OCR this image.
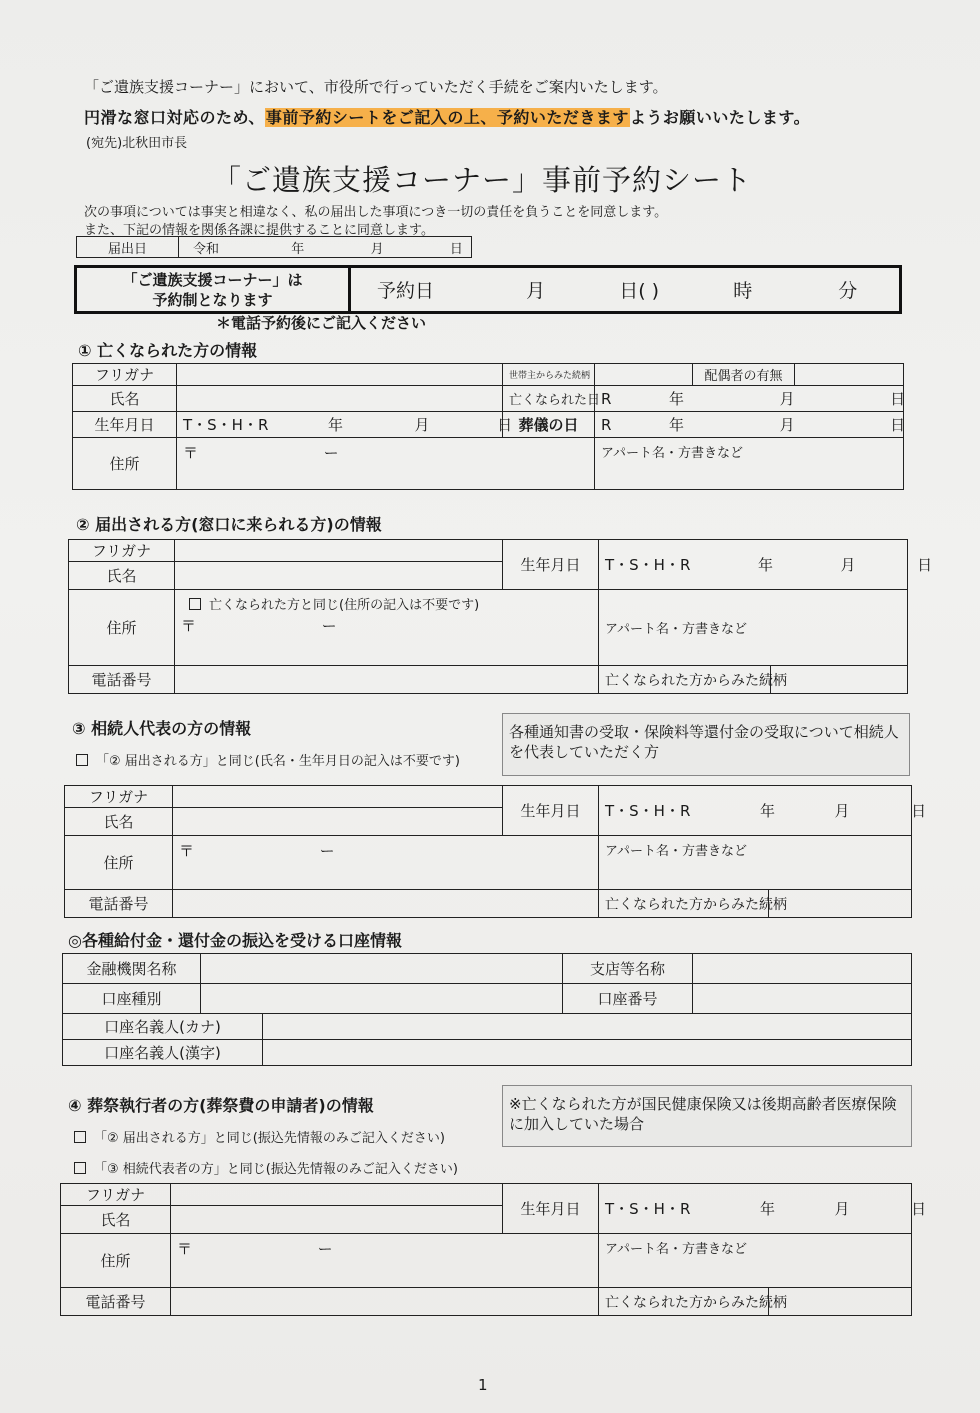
「ご遺族支援コーナー」において、市役所で行っていただく手続をご案内いたします。
円滑な窓口対応のため、事前予約シートをご記入の上、予約いただきますようお願いいたします。
(宛先)北秋田市長
「ご遺族支援コーナー」事前予約シート
次の事項については事実と相違なく、私の届出した事項につき一切の責任を負うことを同意します。
また、下記の情報を関係各課に提供することに同意します。
届出日	令和	年	月	日
「ご遺族支援コーナー」は
予約制となります	予約日	月	日( )	時	分
＊電話予約後にご記入ください
① 亡くなられた方の情報
フリガナ		世帯主からみた続柄		配偶者の有無	
氏名		亡くなられた日	R 年 月 日		
生年月日	T・S・H・R 年 月 日	葬儀の日	R 年 月 日		
住所	〒 ー		アパート名・方書きなど		
② 届出される方(窓口に来られる方)の情報
フリガナ		生年月日	T・S・H・R 年 月 日	
氏名				
住所	亡くなられた方と同じ(住所の記入は不要です)
〒 ー		アパート名・方書きなど	
電話番号			亡くなられた方からみた続柄	
③ 相続人代表の方の情報
「② 届出される方」と同じ(氏名・生年月日の記入は不要です)
各種通知書の受取・保険料等還付金の受取について相続人を代表していただく方
フリガナ		生年月日	T・S・H・R 年 月 日	
氏名				
住所	〒 ー		アパート名・方書きなど	
電話番号			亡くなられた方からみた続柄	
◎各種給付金・還付金の振込を受ける口座情報
金融機関名称			支店等名称	
口座種別			口座番号	
口座名義人(カナ)				
口座名義人(漢字)				
④ 葬祭執行者の方(葬祭費の申請者)の情報
「② 届出される方」と同じ(振込先情報のみご記入ください)
「③ 相続代表者の方」と同じ(振込先情報のみご記入ください)
※亡くなられた方が国民健康保険又は後期高齢者医療保険に加入していた場合
フリガナ		生年月日	T・S・H・R 年 月 日	
氏名				
住所	〒 ー		アパート名・方書きなど	
電話番号			亡くなられた方からみた続柄	
1
